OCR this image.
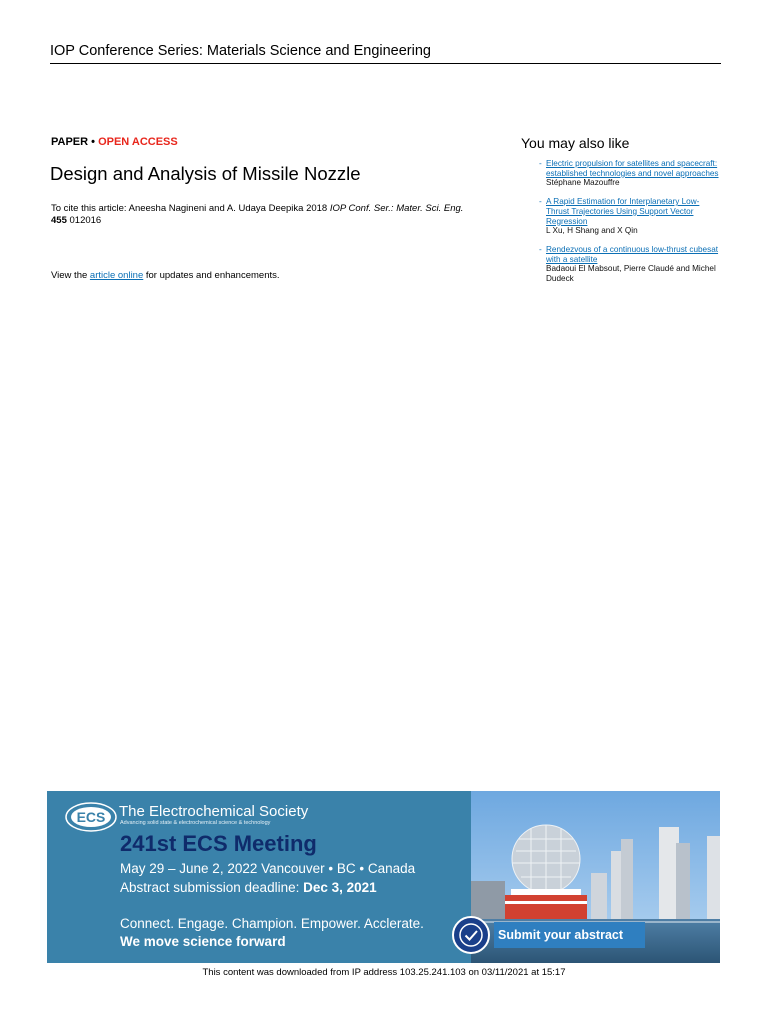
IOP Conference Series: Materials Science and Engineering
PAPER • OPEN ACCESS
Design and Analysis of Missile Nozzle

To cite this article: Aneesha Nagineni and A. Udaya Deepika 2018 IOP Conf. Ser.: Mater. Sci. Eng.
455 012016

View the article online for updates and enhancements.

You may also like
- Electric propulsion for satellites and spacecraft: established technologies and novel approaches
Stéphane Mazouffre
- A Rapid Estimation for Interplanetary Low-Thrust Trajectories Using Support Vector Regression
L Xu, H Shang and X Qin
- Rendezvous of a continuous low-thrust cubesat with a satellite
Badaoui El Mabsout, Pierre Claudé and Michel Dudeck
ECS The Electrochemical Society
Advancing solid state & electrochemical science & technology
241st ECS Meeting
May 29 – June 2, 2022 Vancouver • BC • Canada
Abstract submission deadline: Dec 3, 2021
Connect. Engage. Champion. Empower. Acclerate.
We move science forward	Submit your abstract
This content was downloaded from IP address 103.25.241.103 on 03/11/2021 at 15:17
